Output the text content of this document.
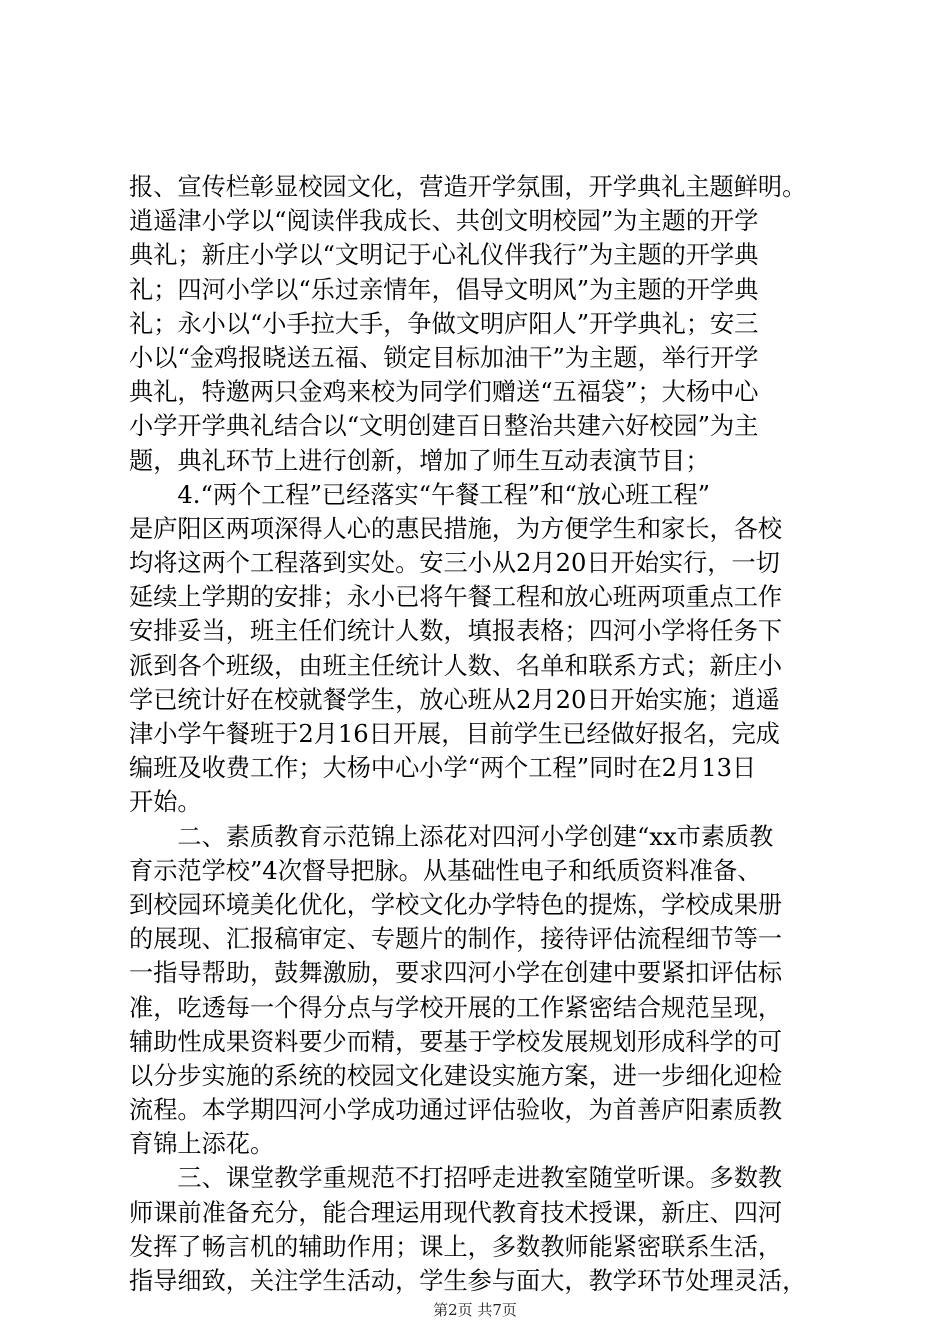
报、宣传栏彰显校园文化，营造开学氛围，开学典礼主题鲜明。
逍遥津小学以“阅读伴我成长、共创文明校园”为主题的开学
典礼；新庄小学以“文明记于心礼仪伴我行”为主题的开学典
礼；四河小学以“乐过亲情年，倡导文明风”为主题的开学典
礼；永小以“小手拉大手，争做文明庐阳人”开学典礼；安三
小以“金鸡报晓送五福、锁定目标加油干”为主题，举行开学
典礼，特邀两只金鸡来校为同学们赠送“五福袋”；大杨中心
小学开学典礼结合以“文明创建百日整治共建六好校园”为主
题，典礼环节上进行创新，增加了师生互动表演节目；
　　4.“两个工程”已经落实“午餐工程”和“放心班工程”
是庐阳区两项深得人心的惠民措施，为方便学生和家长，各校
均将这两个工程落到实处。安三小从2月20日开始实行，一切
延续上学期的安排；永小已将午餐工程和放心班两项重点工作
安排妥当，班主任们统计人数，填报表格；四河小学将任务下
派到各个班级，由班主任统计人数、名单和联系方式；新庄小
学已统计好在校就餐学生，放心班从2月20日开始实施；逍遥
津小学午餐班于2月16日开展，目前学生已经做好报名，完成
编班及收费工作；大杨中心小学“两个工程”同时在2月13日
开始。
　　二、素质教育示范锦上添花对四河小学创建“xx市素质教
育示范学校”4次督导把脉。从基础性电子和纸质资料准备、
到校园环境美化优化，学校文化办学特色的提炼，学校成果册
的展现、汇报稿审定、专题片的制作，接待评估流程细节等一
一指导帮助，鼓舞激励，要求四河小学在创建中要紧扣评估标
准，吃透每一个得分点与学校开展的工作紧密结合规范呈现，
辅助性成果资料要少而精，要基于学校发展规划形成科学的可
以分步实施的系统的校园文化建设实施方案，进一步细化迎检
流程。本学期四河小学成功通过评估验收，为首善庐阳素质教
育锦上添花。
　　三、课堂教学重规范不打招呼走进教室随堂听课。多数教
师课前准备充分，能合理运用现代教育技术授课，新庄、四河
发挥了畅言机的辅助作用；课上，多数教师能紧密联系生活，
指导细致，关注学生活动，学生参与面大，教学环节处理灵活，
第2页 共7页
